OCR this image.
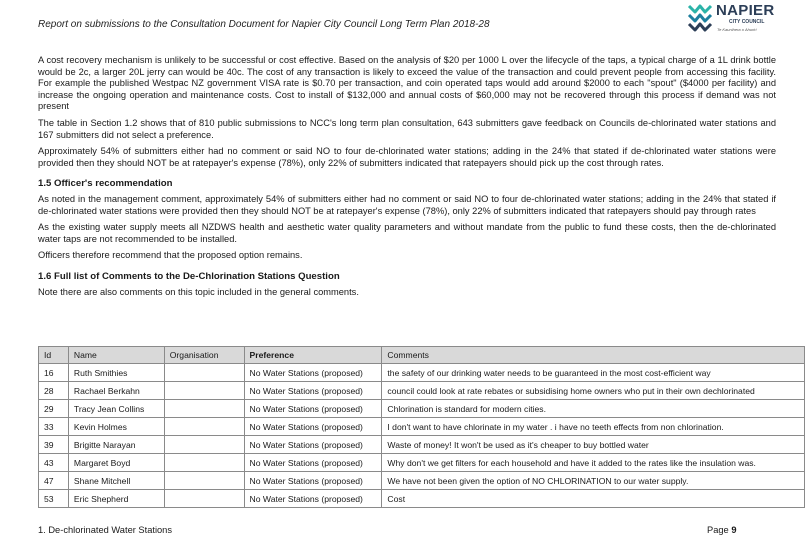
Report on submissions to the Consultation Document for Napier City Council Long Term Plan 2018-28
NAPIER
CITY COUNCIL
Te Kaunihera o Ahuriri

A cost recovery mechanism is unlikely to be successful or cost effective. Based on the analysis of $20 per 1000 L over the lifecycle of the taps, a typical charge of a 1L drink bottle would be 2c, a larger 20L jerry can would be 40c. The cost of any transaction is likely to exceed the value of the transaction and could prevent people from accessing this facility. For example the published Westpac NZ government VISA rate is $0.70 per transaction, and coin operated taps would add around $2000 to each "spout" ($4000 per facility) and increase the ongoing operation and maintenance costs. Cost to install of $132,000 and annual costs of $60,000 may not be recovered through this process if demand was not present

The table in Section 1.2 shows that of 810 public submissions to NCC's long term plan consultation, 643 submitters gave feedback on Councils de-chlorinated water stations and 167 submitters did not select a preference.

Approximately 54% of submitters either had no comment or said NO to four de-chlorinated water stations; adding in the 24% that stated if de-chlorinated water stations were provided then they should NOT be at ratepayer's expense (78%), only 22% of submitters indicated that ratepayers should pick up the cost through rates.

1.5 Officer's recommendation

As noted in the management comment, approximately 54% of submitters either had no comment or said NO to four de-chlorinated water stations; adding in the 24% that stated if de-chlorinated water stations were provided then they should NOT be at ratepayer's expense (78%), only 22% of submitters indicated that ratepayers should pay through rates

As the existing water supply meets all NZDWS health and aesthetic water quality parameters and without mandate from the public to fund these costs, then the de-chlorinated water taps are not recommended to be installed.

Officers therefore recommend that the proposed option remains.

1.6 Full list of Comments to the De-Chlorination Stations Question

Note there are also comments on this topic included in the general comments.

Id	Name	Organisation	Preference	Comments
16	Ruth Smithies		No Water Stations (proposed)	the safety of our drinking water needs to be guaranteed in the most cost-efficient way
28	Rachael Berkahn		No Water Stations (proposed)	council could look at rate rebates or subsidising home owners who put in their own dechlorinated
29	Tracy Jean Collins		No Water Stations (proposed)	Chlorination is standard for modern cities.
33	Kevin Holmes		No Water Stations (proposed)	I don't want to have chlorinate in my water . i have no teeth effects from non chlorination.
39	Brigitte Narayan		No Water Stations (proposed)	Waste of money! It won't be used as it's cheaper to buy bottled water
43	Margaret Boyd		No Water Stations (proposed)	Why don't we get filters for each household and have it added to the rates like the insulation was.
47	Shane Mitchell		No Water Stations (proposed)	We have not been given the option of NO CHLORINATION to our water supply.
53	Eric Shepherd		No Water Stations (proposed)	Cost
1. De-chlorinated Water Stations	Page 9
